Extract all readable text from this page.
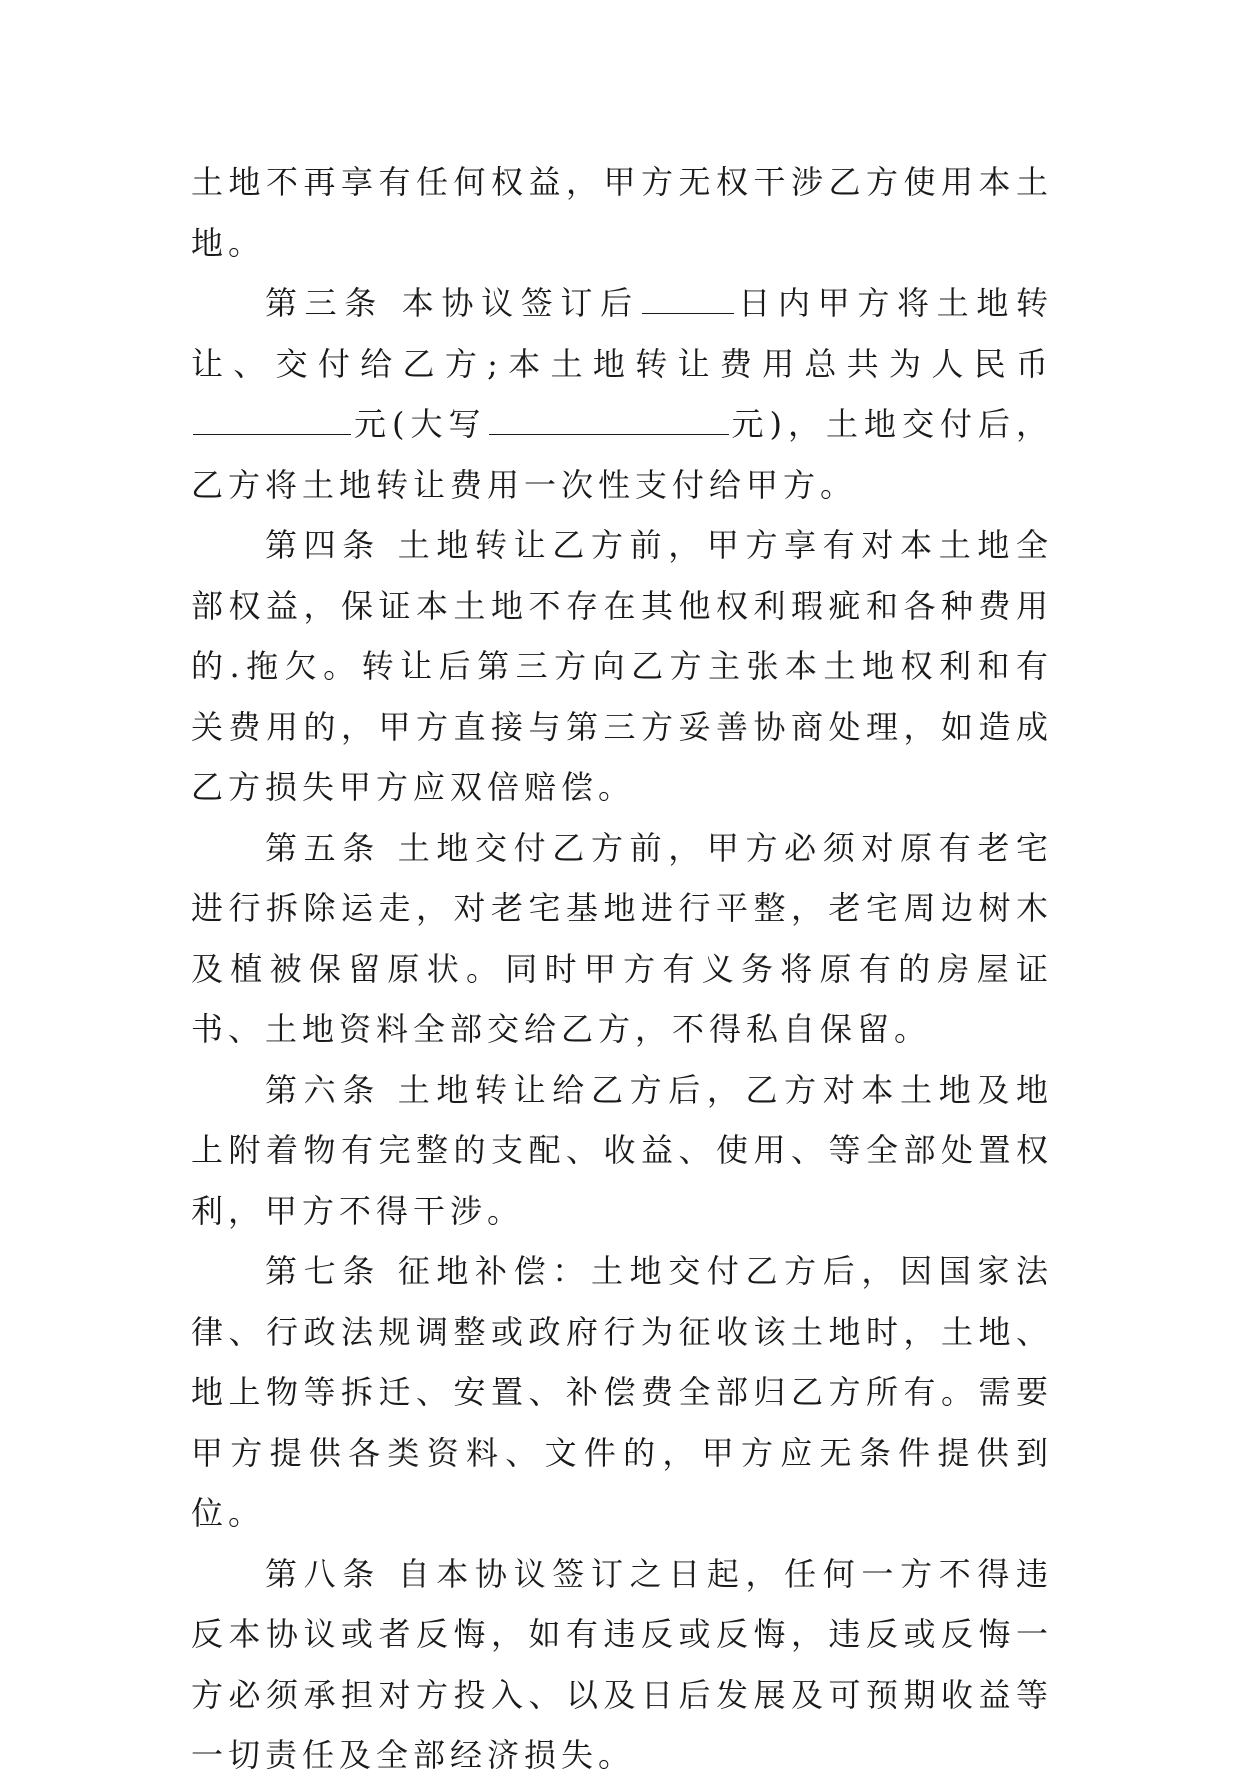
土地不再享有任何权益，甲方无权干涉乙方使用本土地。

第三条 本协议签订后	日内甲方将土地转让、交付给乙方;本土地转让费用总共为人民币元(大写	元)，土地交付后，乙方将土地转让费用一次性支付给甲方。

第四条 土地转让乙方前，甲方享有对本土地全部权益，保证本土地不存在其他权利瑕疵和各种费用的.拖欠。转让后第三方向乙方主张本土地权利和有关费用的，甲方直接与第三方妥善协商处理，如造成乙方损失甲方应双倍赔偿。

第五条 土地交付乙方前，甲方必须对原有老宅进行拆除运走，对老宅基地进行平整，老宅周边树木及植被保留原状。同时甲方有义务将原有的房屋证书、土地资料全部交给乙方，不得私自保留。

第六条 土地转让给乙方后，乙方对本土地及地上附着物有完整的支配、收益、使用、等全部处置权利，甲方不得干涉。

第七条 征地补偿：土地交付乙方后，因国家法律、行政法规调整或政府行为征收该土地时，土地、地上物等拆迁、安置、补偿费全部归乙方所有。需要甲方提供各类资料、文件的，甲方应无条件提供到位。

第八条 自本协议签订之日起，任何一方不得违反本协议或者反悔，如有违反或反悔，违反或反悔一方必须承担对方投入、以及日后发展及可预期收益等一切责任及全部经济损失。
